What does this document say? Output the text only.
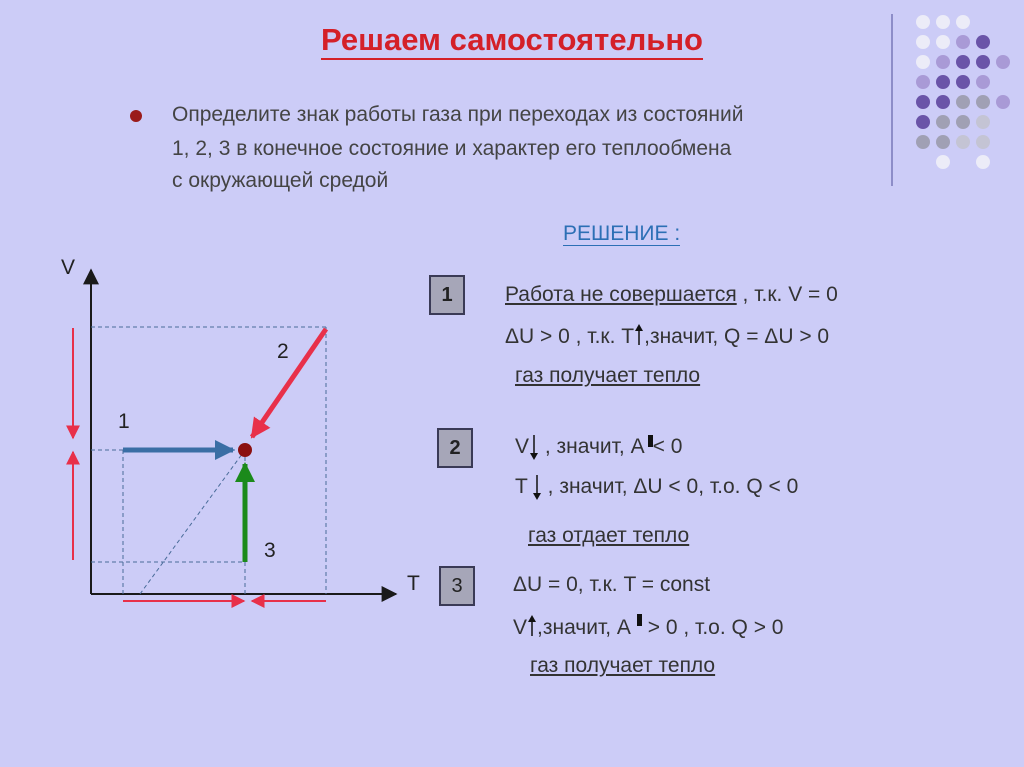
Решаем самостоятельно
Определите знак работы газа при переходах из состояний
1, 2, 3 в конечное состояние и характер его теплообмена
с окружающей средой
РЕШЕНИЕ :
V
T
1
2
3
1	Работа не совершается , т.к. V = 0
ΔU > 0 , т.к. T ,значит, Q = ΔU > 0
газ получает тепло
2	V
, значит, A < 0
T
, значит, ΔU < 0, т.о. Q < 0
газ отдает тепло
3	ΔU = 0, т.к. T = const
V ,значит, A > 0 , т.о. Q > 0
газ получает тепло
